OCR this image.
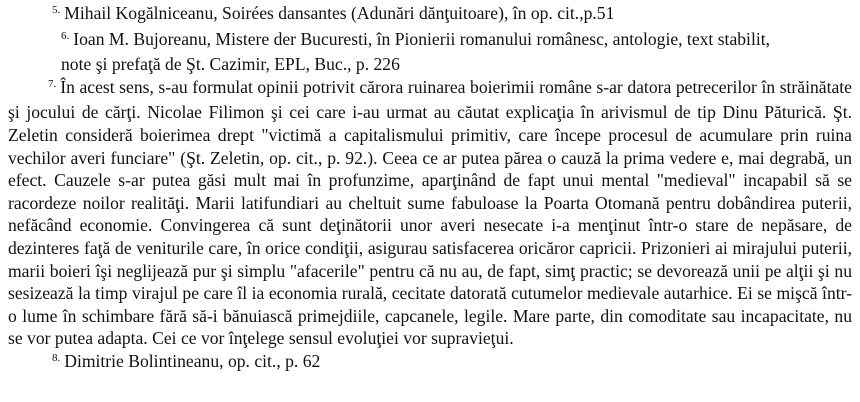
$^{5.}$ Mihail Kogălniceanu, Soirées dansantes (Adunări dănţuitoare), în op. cit.,p.51
$^{6.}$ Ioan M. Bujoreanu, Mistere der Bucuresti, în Pionierii romanului românesc, antologie, text stabilit,
note şi prefaţă de Şt. Cazimir, EPL, Buc., p. 226
$^{7.}$ În acest sens, s-au formulat opinii potrivit cărora ruinarea boierimii române s-ar datora petrecerilor în străinătate şi jocului de cărţi. Nicolae Filimon şi cei care i-au urmat au căutat explicaţia în arivismul de tip Dinu Păturică. Şt. Zeletin consideră boierimea drept "victimă a capitalismului primitiv, care începe procesul de acumulare prin ruina vechilor averi funciare" (Şt. Zeletin, op. cit., p. 92.). Ceea ce ar putea părea o cauză la prima vedere e, mai degrabă, un efect. Cauzele s-ar putea găsi mult mai în profunzime, aparţinând de fapt unui mental "medieval" incapabil să se racordeze noilor realităţi. Marii latifundiari au cheltuit sume fabuloase la Poarta Otomană pentru dobândirea puterii, nefăcând economie. Convingerea că sunt deţinătorii unor averi nesecate i-a menţinut într-o stare de nepăsare, de dezinteres faţă de veniturile care, în orice condiţii, asigurau satisfacerea oricăror capricii. Prizonieri ai mirajului puterii, marii boieri îşi neglijează pur şi simplu "afacerile" pentru că nu au, de fapt, simţ practic; se devorează unii pe alţii şi nu sesizează la timp virajul pe care îl ia economia rurală, cecitate datorată cutumelor medievale autarhice. Ei se mişcă într-o lume în schimbare fără să-i bănuiască primejdiile, capcanele, legile. Mare parte, din comoditate sau incapacitate, nu se vor putea adapta. Cei ce vor înţelege sensul evoluţiei vor supravieţui.
$^{8.}$ Dimitrie Bolintineanu, op. cit., p. 62
